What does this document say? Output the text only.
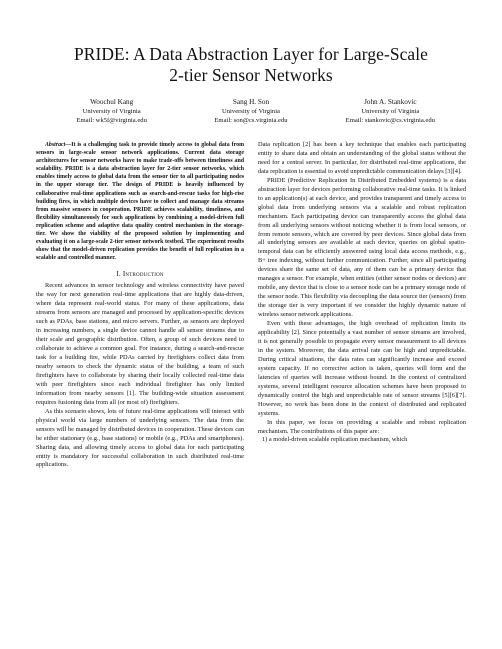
PRIDE: A Data Abstraction Layer for Large-Scale
2-tier Sensor Networks
Woochul Kang
University of Virginia
Email: wk5f@virginia.edu
Sang H. Son
University of Virginia
Email: son@cs.virginia.edu
John A. Stankovic
University of Virginia
Email: stankovic@cs.virginia.edu

Abstract—It is a challenging task to provide timely access to global data from sensors in large-scale sensor network applications. Current data storage architectures for sensor networks have to make trade-offs between timeliness and scalability. PRIDE is a data abstraction layer for 2-tier sensor networks, which enables timely access to global data from the sensor tier to all participating nodes in the upper storage tier. The design of PRIDE is heavily influenced by collaborative real-time applications such as search-and-rescue tasks for high-rise building fires, in which multiple devices have to collect and manage data streams from massive sensors in cooperation. PRIDE achieves scalability, timeliness, and flexibility simultaneously for such applications by combining a model-driven full replication scheme and adaptive data quality control mechanism in the storage-tier. We show the viability of the proposed solution by implementing and evaluating it on a large-scale 2-tier sensor network testbed. The experiment results show that the model-driven replication provides the benefit of full replication in a scalable and controlled manner.

I. Introduction

Recent advances in sensor technology and wireless connectivity have paved the way for next generation real-time applications that are highly data-driven, where data represent real-world status. For many of these applications, data streams from sensors are managed and processed by application-specific devices such as PDAs, base stations, and micro servers. Further, as sensors are deployed in increasing numbers, a single device cannot handle all sensor streams due to their scale and geographic distribution. Often, a group of such devices need to collaborate to achieve a common goal. For instance, during a search-and-rescue task for a building fire, while PDAs carried by firefighters collect data from nearby sensors to check the dynamic status of the building, a team of such firefighters have to collaborate by sharing their locally collected real-time data with peer firefighters since each individual firefighter has only limited information from nearby sensors [1]. The building-wide situation assessment requires fusioning data from all (or most of) firefighters.

As this scenario shows, lots of future real-time applications will interact with physical world via large numbers of underlying sensors. The data from the sensors will be managed by distributed devices in cooperation. These devices can be either stationary (e.g., base stations) or mobile (e.g., PDAs and smartphones). Sharing data, and allowing timely access to global data for each participating entity is mandatory for successful collaboration in such distributed real-time applications.

Data replication [2] has been a key technique that enables each participating entity to share data and obtain an understanding of the global status without the need for a central server. In particular, for distributed real-time applications, the data replication is essential to avoid unpredictable communication delays [3][4].

PRIDE (Predictive Replication In Distributed Embedded systems) is a data abstraction layer for devices performing collaborative real-time tasks. It is linked to an application(s) at each device, and provides transparent and timely access to global data from underlying sensors via a scalable and robust replication mechanism. Each participating device can transparently access the global data from all underlying sensors without noticing whether it is from local sensors, or from remote sensors, which are covered by peer devices. Since global data from all underlying sensors are available at each device, queries on global spatio-temporal data can be efficiently answered using local data access methods, e.g., B+ tree indexing, without further communication. Further, since all participating devices share the same set of data, any of them can be a primary device that manages a sensor. For example, when entities (either sensor nodes or devices) are mobile, any device that is close to a sensor node can be a primary storage node of the sensor node. This flexibility via decoupling the data source tier (sensors) from the storage tier is very important if we consider the highly dynamic nature of wireless sensor network applications.

Even with these advantages, the high overhead of replication limits its applicability [2]. Since potentially a vast number of sensor streams are involved, it is not generally possible to propagate every sensor measurement to all devices in the system. Moreover, the data arrival rate can be high and unpredictable. During critical situations, the data rates can significantly increase and exceed system capacity. If no corrective action is taken, queries will form and the latencies of queries will increase without bound. In the context of centralized systems, several intelligent resource allocation schemes have been proposed to dynamically control the high and unpredictable rate of sensor streams [5][6][7]. However, no work has been done in the context of distributed and replicated systems.

In this paper, we focus on providing a scalable and robust replication mechanism. The contributions of this paper are:

1) a model-driven scalable replication mechanism, which
